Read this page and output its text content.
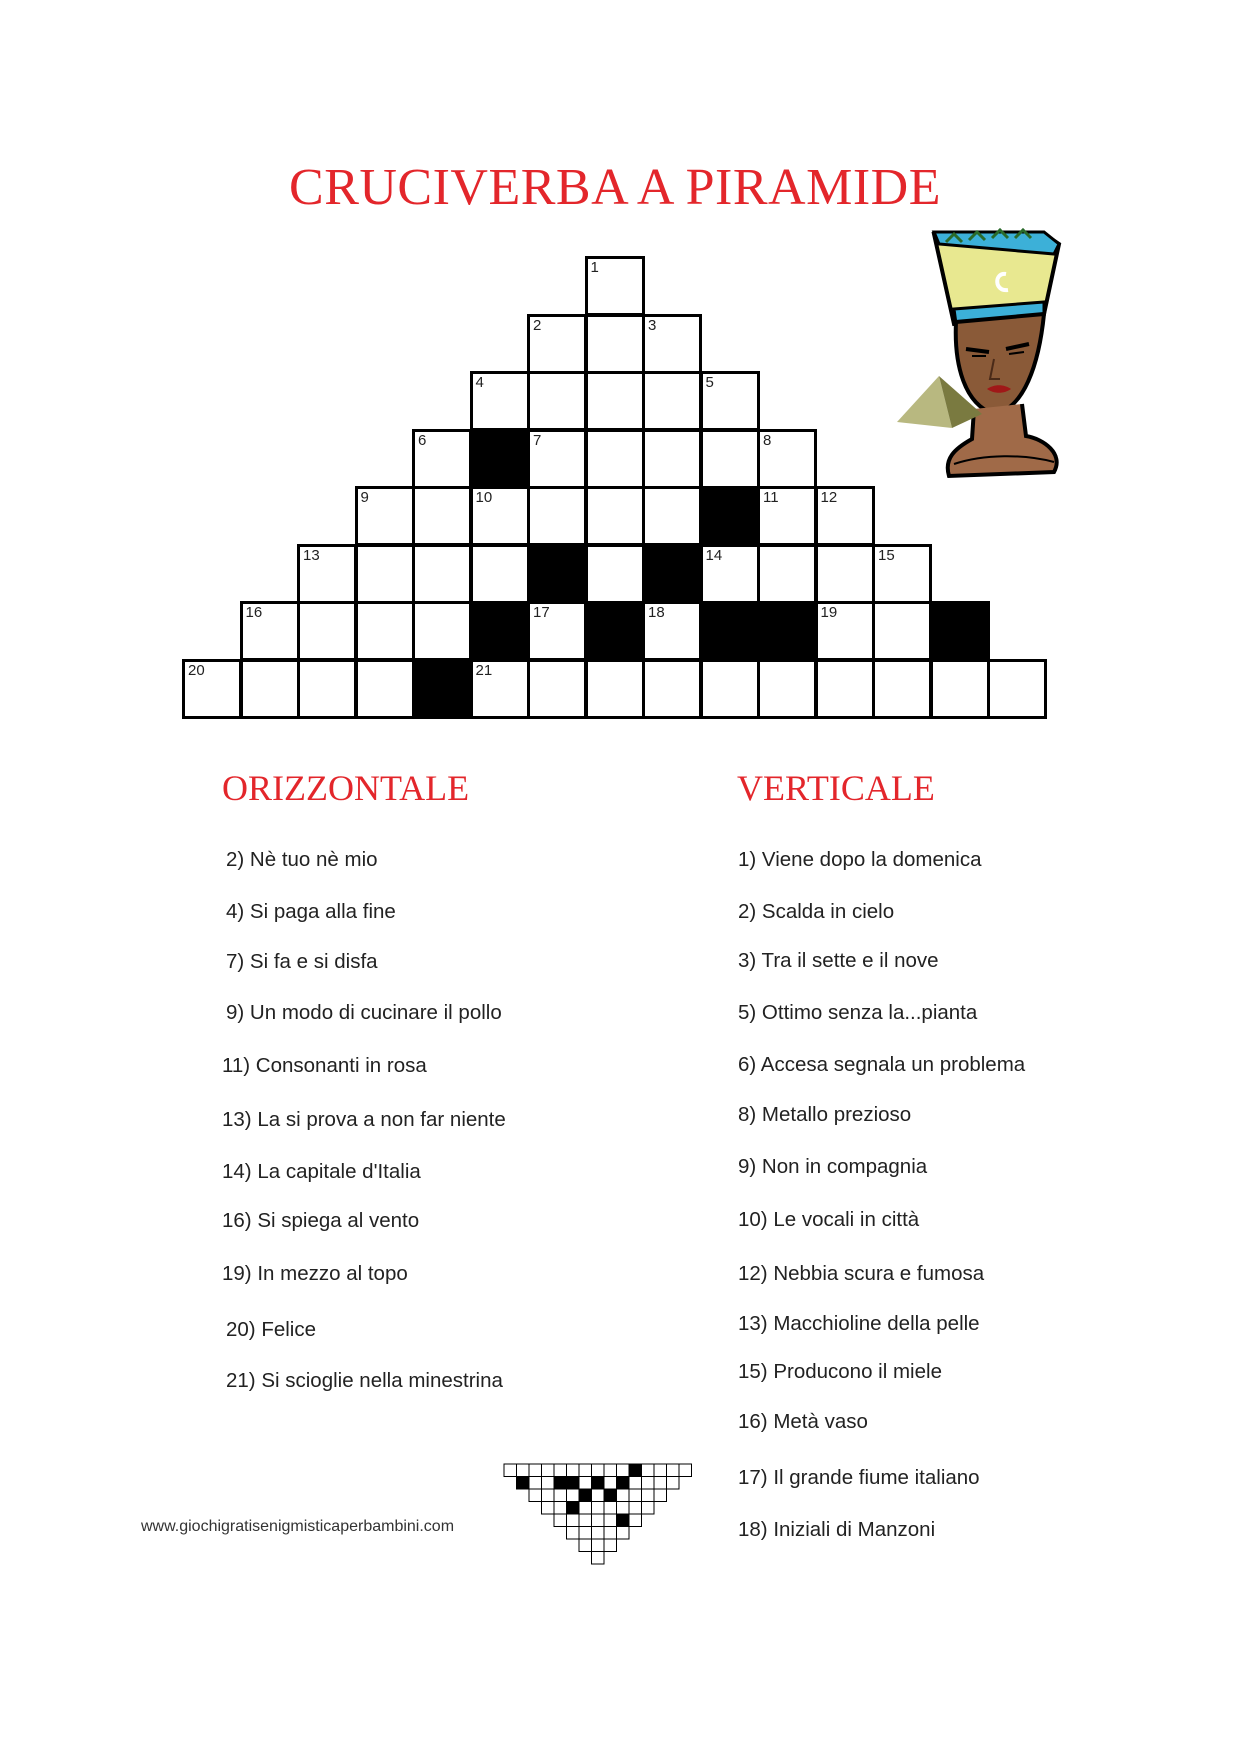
CRUCIVERBA A PIRAMIDE
1
2	3
4	5
6	7	8
9	10	11	12
13	14	15
16	17	18	19
20	21
ORIZZONTALE	VERTICALE
2) Nè tuo nè mio
4) Si paga alla fine
7) Si fa e si disfa
9) Un modo di cucinare il pollo
11) Consonanti in rosa
13) La si prova a non far niente
14) La capitale d'Italia
16) Si spiega al vento
19) In mezzo al topo
20) Felice
21) Si scioglie nella minestrina
1) Viene dopo la domenica
2) Scalda in cielo
3) Tra il sette e il nove
5) Ottimo senza la...pianta
6) Accesa segnala un problema
8) Metallo prezioso
9) Non in compagnia
10) Le vocali in città
12) Nebbia scura e fumosa
13) Macchioline della pelle
15) Producono il miele
16) Metà vaso
17) Il grande fiume italiano
18) Iniziali di Manzoni
www.giochigratisenigmisticaperbambini.com
